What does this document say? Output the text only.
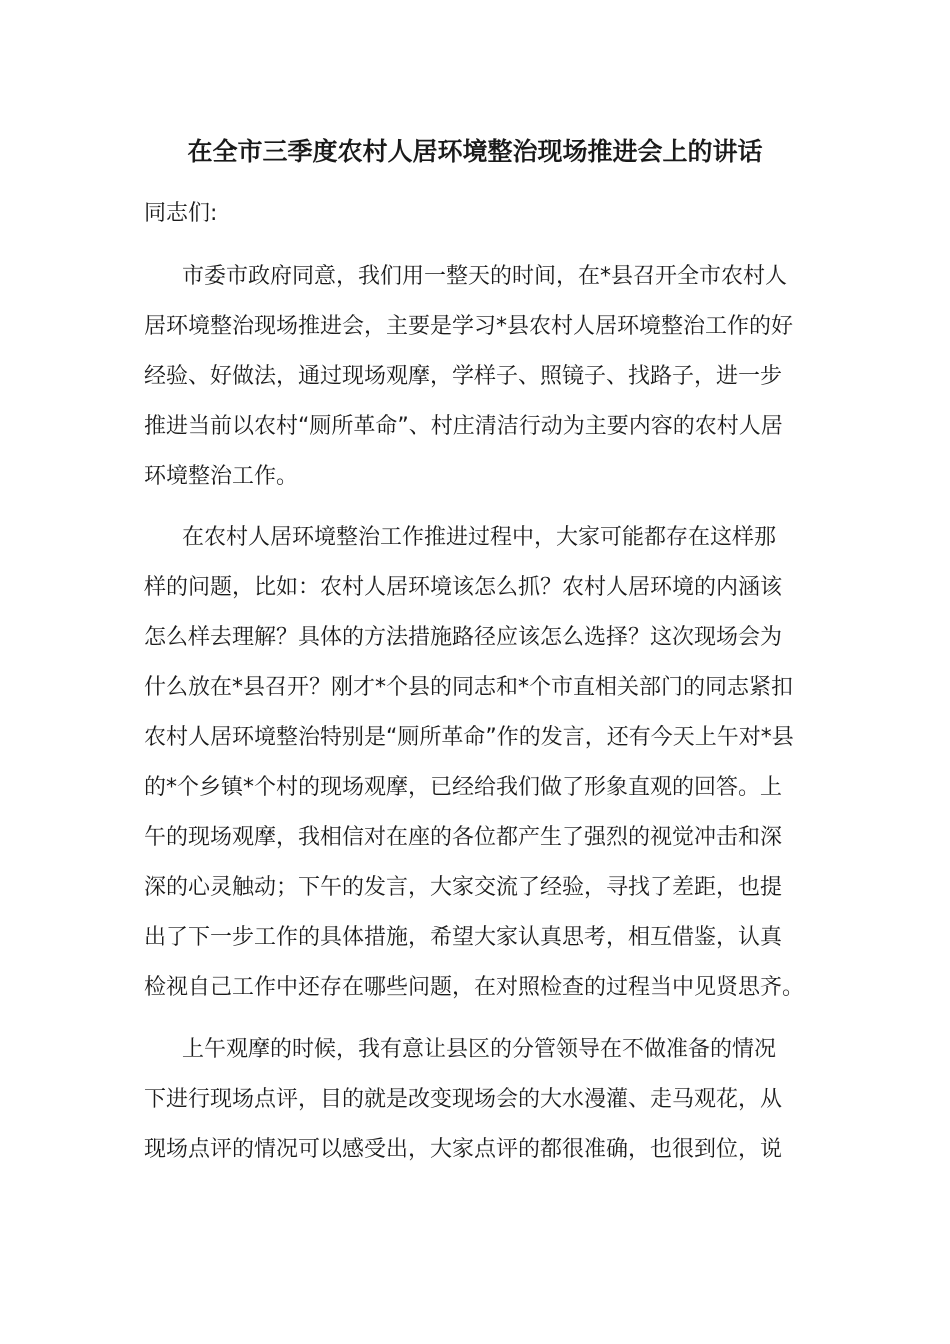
在全市三季度农村人居环境整治现场推进会上的讲话
同志们:
市委市政府同意，我们用一整天的时间，在*县召开全市农村人
居环境整治现场推进会，主要是学习*县农村人居环境整治工作的好
经验、好做法，通过现场观摩，学样子、照镜子、找路子，进一步
推进当前以农村“厕所革命”、村庄清洁行动为主要内容的农村人居
环境整治工作。
在农村人居环境整治工作推进过程中，大家可能都存在这样那
样的问题，比如：农村人居环境该怎么抓？农村人居环境的内涵该
怎么样去理解？具体的方法措施路径应该怎么选择？这次现场会为
什么放在*县召开？刚才*个县的同志和*个市直相关部门的同志紧扣
农村人居环境整治特别是“厕所革命”作的发言，还有今天上午对*县
的*个乡镇*个村的现场观摩，已经给我们做了形象直观的回答。上
午的现场观摩，我相信对在座的各位都产生了强烈的视觉冲击和深
深的心灵触动；下午的发言，大家交流了经验，寻找了差距，也提
出了下一步工作的具体措施，希望大家认真思考，相互借鉴，认真
检视自己工作中还存在哪些问题，在对照检查的过程当中见贤思齐。
上午观摩的时候，我有意让县区的分管领导在不做准备的情况
下进行现场点评，目的就是改变现场会的大水漫灌、走马观花，从
现场点评的情况可以感受出，大家点评的都很准确，也很到位，说
